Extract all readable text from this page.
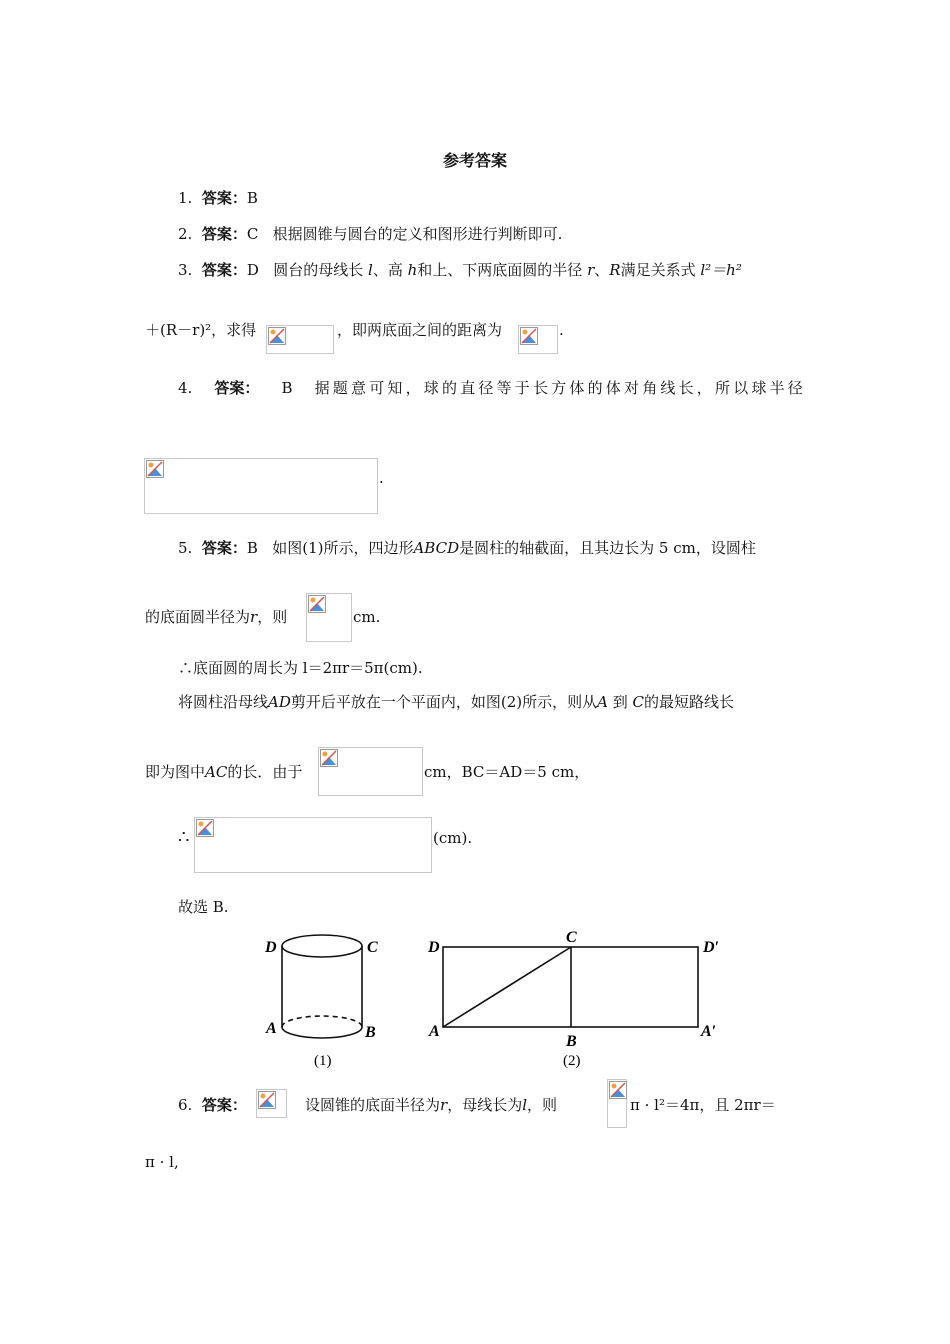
参考答案
1. 答案：B
2. 答案：C 根据圆锥与圆台的定义和图形进行判断即可.
3. 答案：D 圆台的母线长 l、高 h和上、下两底面圆的半径 r、R满足关系式 l²＝h²
＋(R－r)²，求得	，即两底面之间的距离为	.
4. 答案： B 据题意可知，球的直径等于长方体的体对角线长，所以球半径
.
5. 答案：B 如图(1)所示，四边形ABCD是圆柱的轴截面，且其边长为 5 cm，设圆柱
的底面圆半径为r，则	cm.
∴底面圆的周长为 l＝2πr＝5π(cm).
将圆柱沿母线AD剪开后平放在一个平面内，如图(2)所示，则从A 到 C的最短路线长
即为图中AC的长．由于	cm，BC＝AD＝5 cm，
∴	(cm).
故选 B.
D	C
A	B
(1)
D
C
D′
A
B
A′
(2)
6. 答案：	设圆锥的底面半径为r，母线长为l，则	π · l²＝4π，且 2πr＝
π · l,
